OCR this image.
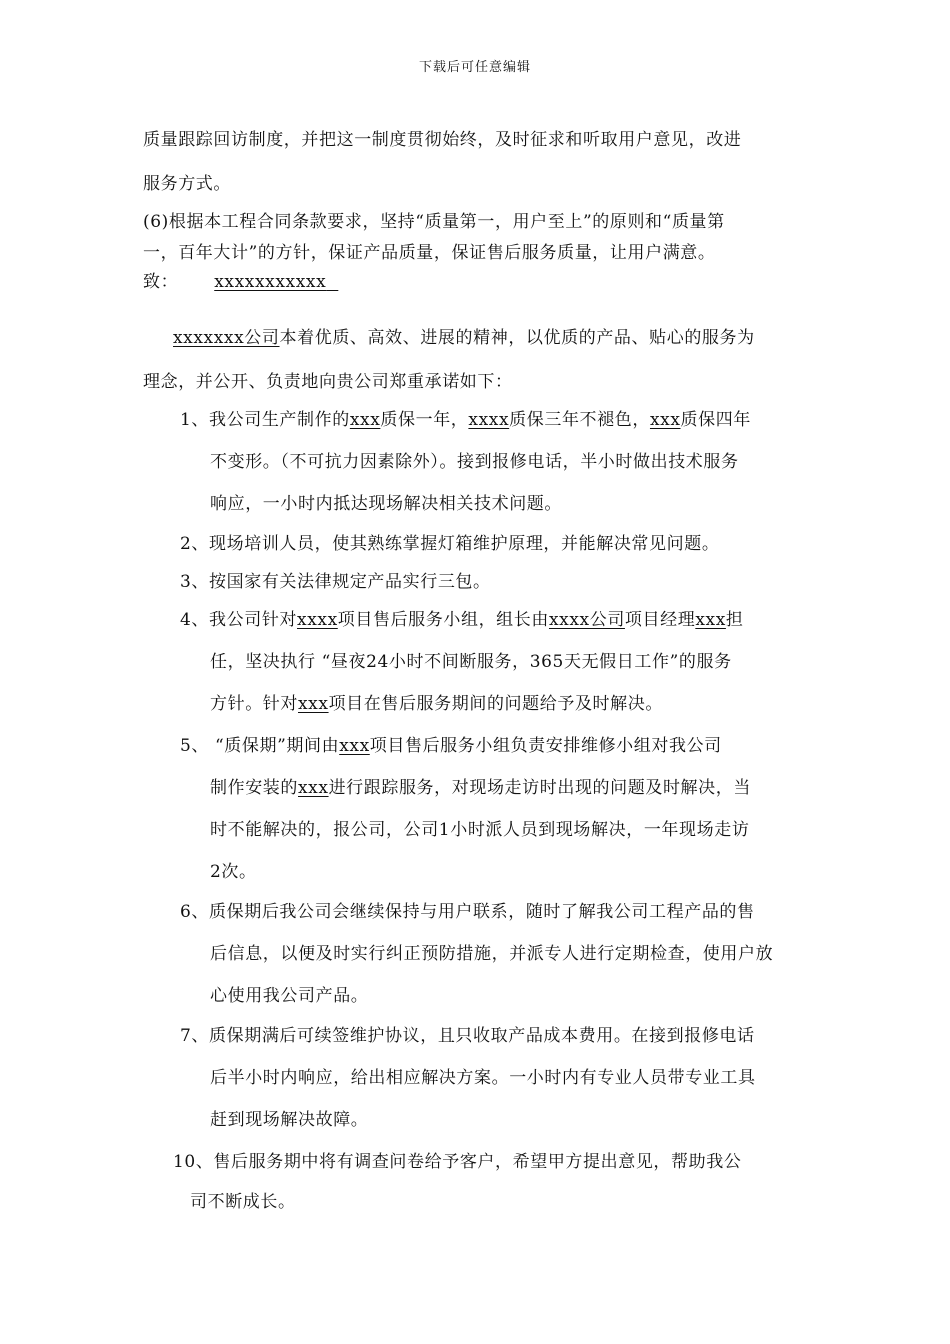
下载后可任意编辑
质量跟踪回访制度，并把这一制度贯彻始终，及时征求和听取用户意见，改进
服务方式。
(6)根据本工程合同条款要求，坚持“质量第一，用户至上”的原则和“质量第
一，百年大计”的方针，保证产品质量，保证售后服务质量，让用户满意。
致： xxxxxxxxxxx
xxxxxxx公司本着优质、高效、进展的精神，以优质的产品、贴心的服务为
理念，并公开、负责地向贵公司郑重承诺如下：
1、我公司生产制作的xxx质保一年，xxxx质保三年不褪色，xxx质保四年
不变形。（不可抗力因素除外）。接到报修电话，半小时做出技术服务
响应，一小时内抵达现场解决相关技术问题。
2、现场培训人员，使其熟练掌握灯箱维护原理，并能解决常见问题。
3、按国家有关法律规定产品实行三包。
4、我公司针对xxxx项目售后服务小组，组长由xxxx公司项目经理xxx担
任，坚决执行 “昼夜24小时不间断服务，365天无假日工作”的服务
方针。针对xxx项目在售后服务期间的问题给予及时解决。
5、 “质保期”期间由xxx项目售后服务小组负责安排维修小组对我公司
制作安装的xxx进行跟踪服务，对现场走访时出现的问题及时解决，当
时不能解决的，报公司，公司1小时派人员到现场解决，一年现场走访
2次。
6、质保期后我公司会继续保持与用户联系，随时了解我公司工程产品的售
后信息，以便及时实行纠正预防措施，并派专人进行定期检查，使用户放
心使用我公司产品。
7、质保期满后可续签维护协议，且只收取产品成本费用。在接到报修电话
后半小时内响应，给出相应解决方案。一小时内有专业人员带专业工具
赶到现场解决故障。
10、售后服务期中将有调查问卷给予客户，希望甲方提出意见，帮助我公
司不断成长。
